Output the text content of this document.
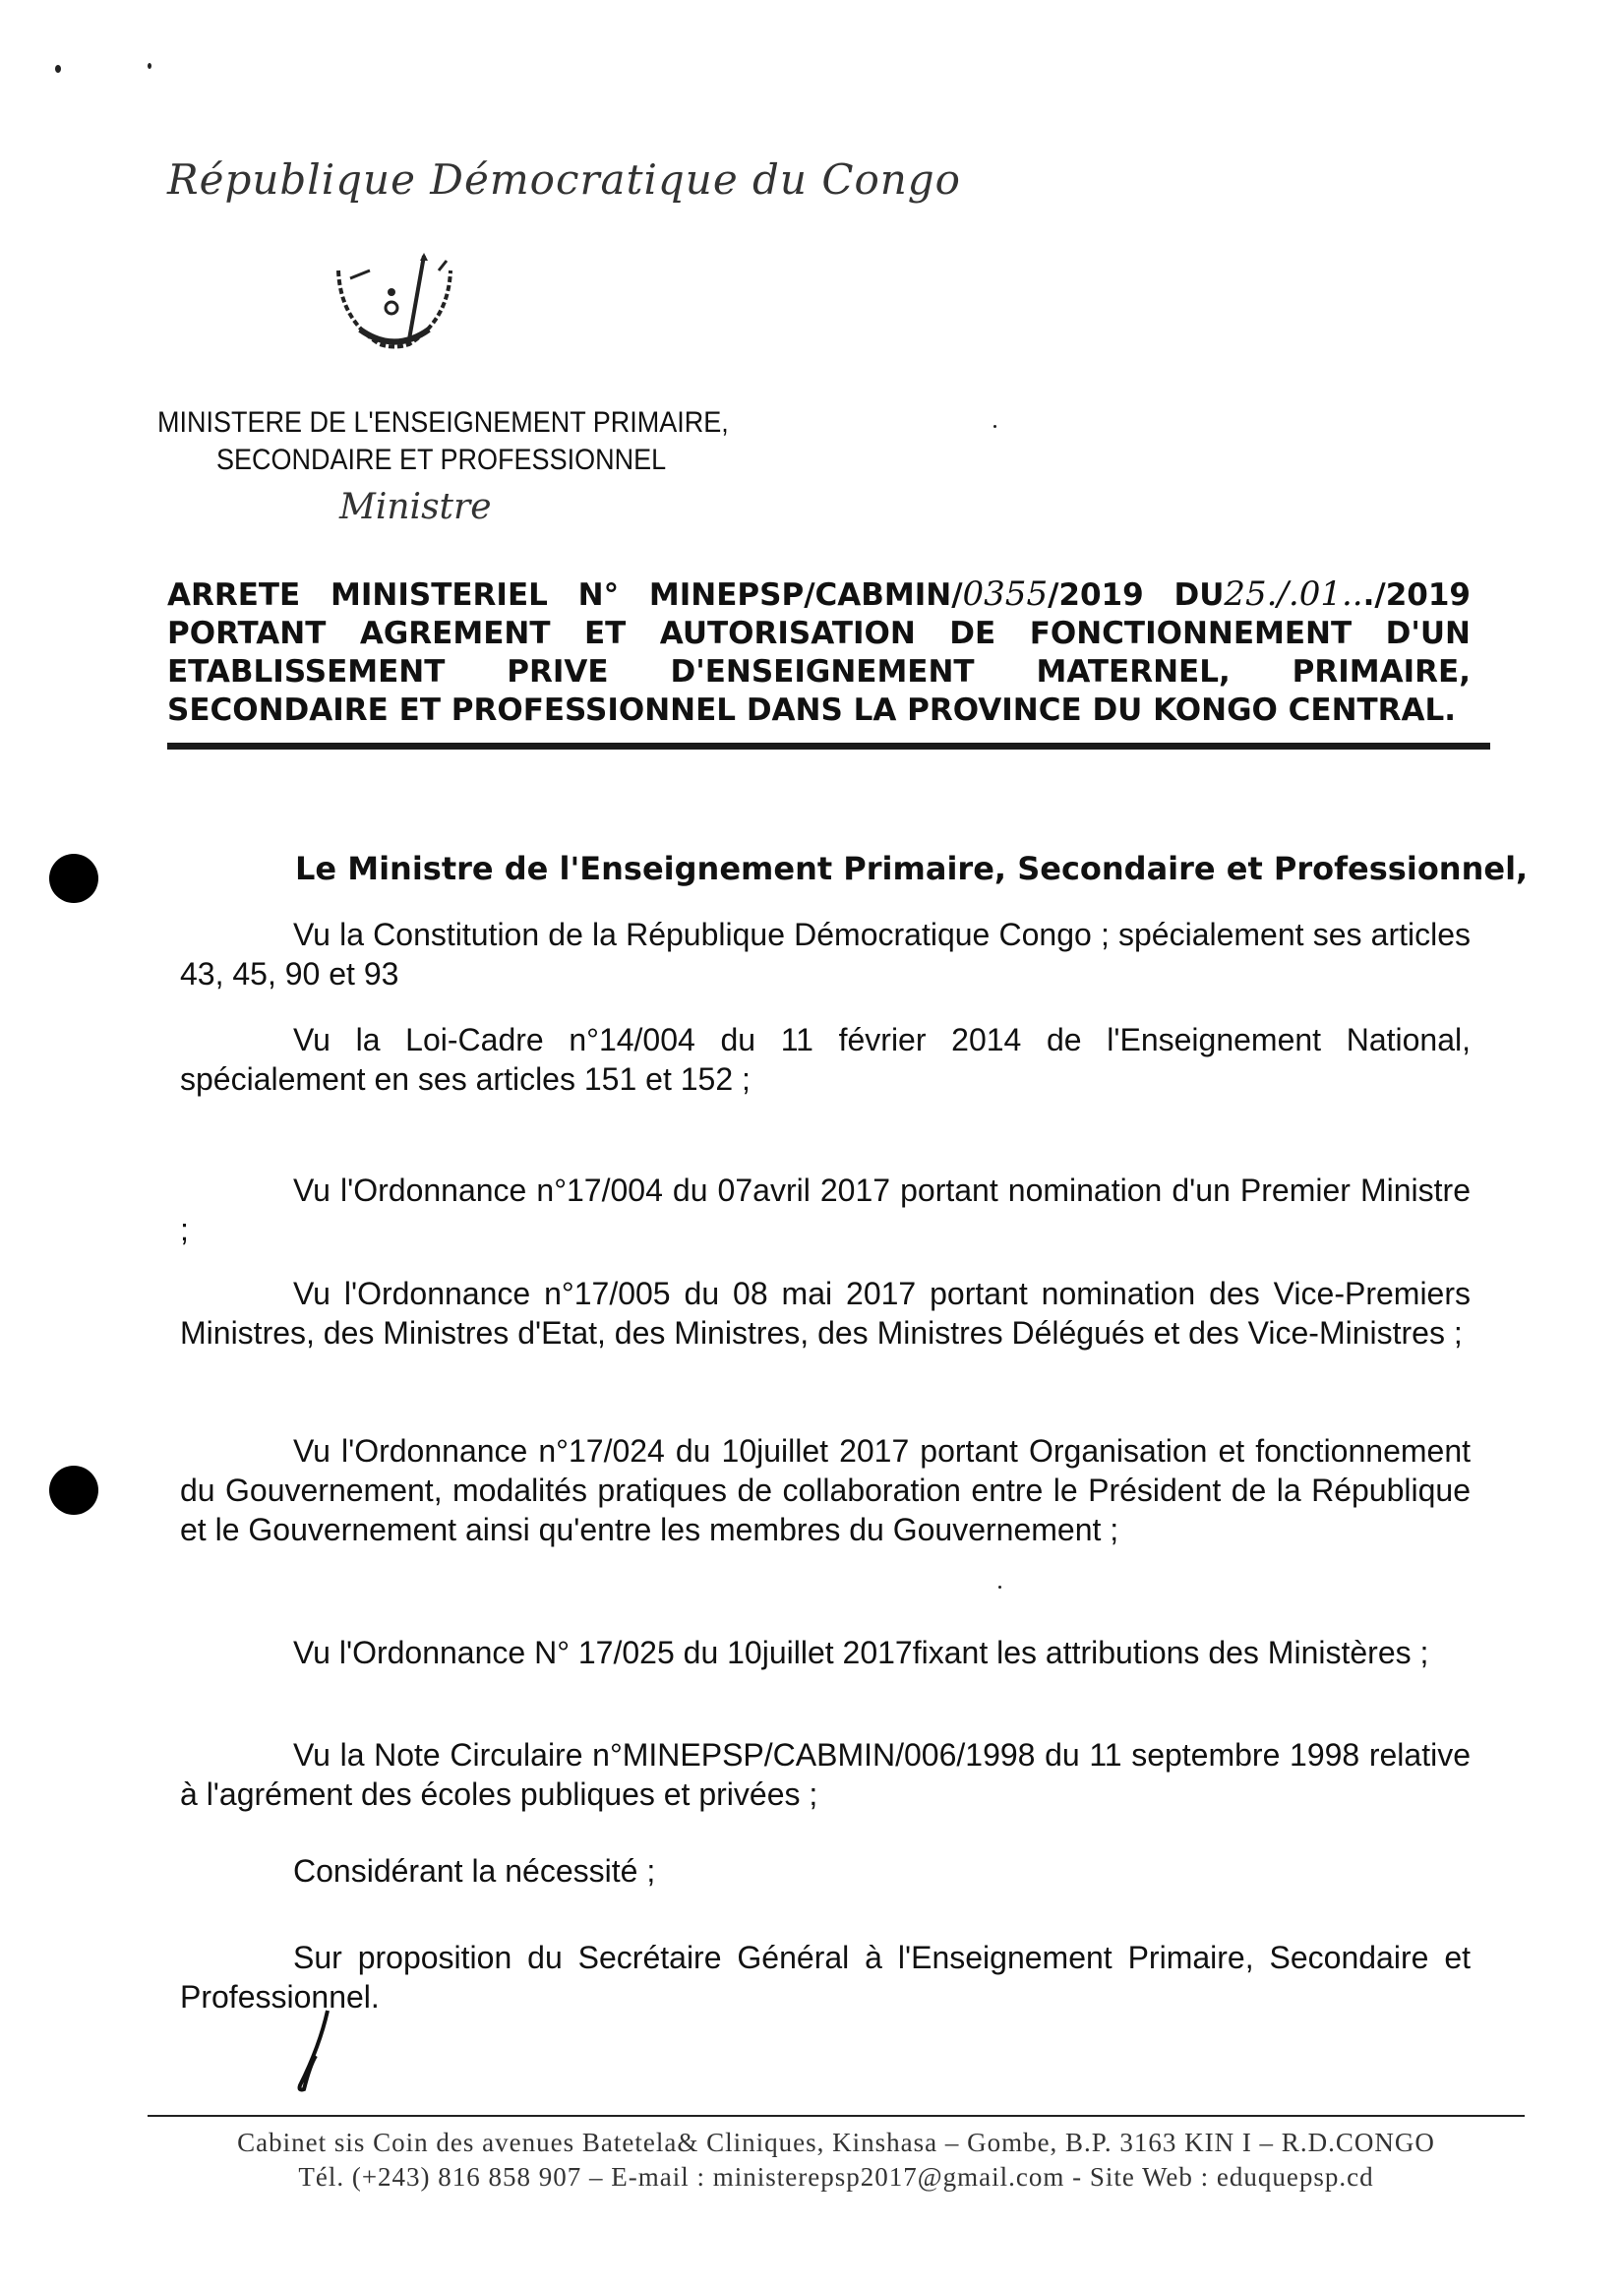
République Démocratique du Congo
MINISTERE DE L'ENSEIGNEMENT PRIMAIRE,
SECONDAIRE ET PROFESSIONNEL
Ministre
ARRETE MINISTERIEL N° MINEPSP/CABMIN/0355/2019 DU25./.01.../2019
PORTANT AGREMENT ET AUTORISATION DE FONCTIONNEMENT D'UN
ETABLISSEMENT PRIVE D'ENSEIGNEMENT MATERNEL, PRIMAIRE,
SECONDAIRE ET PROFESSIONNEL DANS LA PROVINCE DU KONGO CENTRAL.
Le Ministre de l'Enseignement Primaire, Secondaire et Professionnel,
Vu la Constitution de la République Démocratique Congo ; spécialement ses articles 43, 45, 90 et 93
Vu la Loi-Cadre n°14/004 du 11 février 2014 de l'Enseignement National, spécialement en ses articles 151 et 152 ;
Vu l'Ordonnance n°17/004 du 07avril 2017 portant nomination d'un Premier Ministre ;
Vu l'Ordonnance n°17/005 du 08 mai 2017 portant nomination des Vice-Premiers Ministres, des Ministres d'Etat, des Ministres, des Ministres Délégués et des Vice-Ministres ;
Vu l'Ordonnance n°17/024 du 10juillet 2017 portant Organisation et fonctionnement du Gouvernement, modalités pratiques de collaboration entre le Président de la République et le Gouvernement ainsi qu'entre les membres du Gouvernement ;
Vu l'Ordonnance N° 17/025 du 10juillet 2017fixant les attributions des Ministères ;
Vu la Note Circulaire n°MINEPSP/CABMIN/006/1998 du 11 septembre 1998 relative à l'agrément des écoles publiques et privées ;
Considérant la nécessité ;
Sur proposition du Secrétaire Général à l'Enseignement Primaire, Secondaire et Professionnel.
Cabinet sis Coin des avenues Batetela& Cliniques, Kinshasa – Gombe, B.P. 3163 KIN I – R.D.CONGO
Tél. (+243) 816 858 907 – E-mail : ministerepsp2017@gmail.com - Site Web : eduquepsp.cd
